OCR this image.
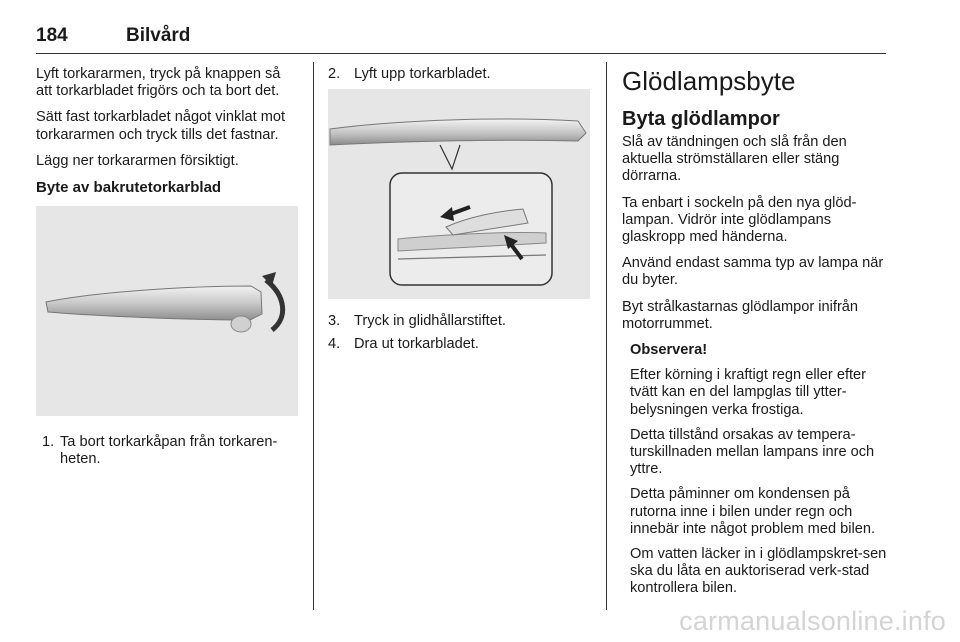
184	Bilvård

Lyft torkararmen, tryck på knappen så att torkarbladet frigörs och ta bort det.

Sätt fast torkarbladet något vinklat mot torkararmen och tryck tills det fastnar.

Lägg ner torkararmen försiktigt.

Byte av bakrutetorkarblad
1. Ta bort torkarkåpan från torkaren-heten.
2. Lyft upp torkarbladet.
3. Tryck in glidhållarstiftet.
4. Dra ut torkarbladet.
Glödlampsbyte
Byta glödlampor

Slå av tändningen och slå från den aktuella strömställaren eller stäng dörrarna.

Ta enbart i sockeln på den nya glöd-lampan. Vidrör inte glödlampans glaskropp med händerna.

Använd endast samma typ av lampa när du byter.

Byt strålkastarnas glödlampor inifrån motorrummet.

Observera!

Efter körning i kraftigt regn eller efter tvätt kan en del lampglas till ytter-belysningen verka frostiga.

Detta tillstånd orsakas av tempera-turskillnaden mellan lampans inre och yttre.

Detta påminner om kondensen på rutorna inne i bilen under regn och innebär inte något problem med bilen.

Om vatten läcker in i glödlampskret-sen ska du låta en auktoriserad verk-stad kontrollera bilen.

carmanualsonline.info
